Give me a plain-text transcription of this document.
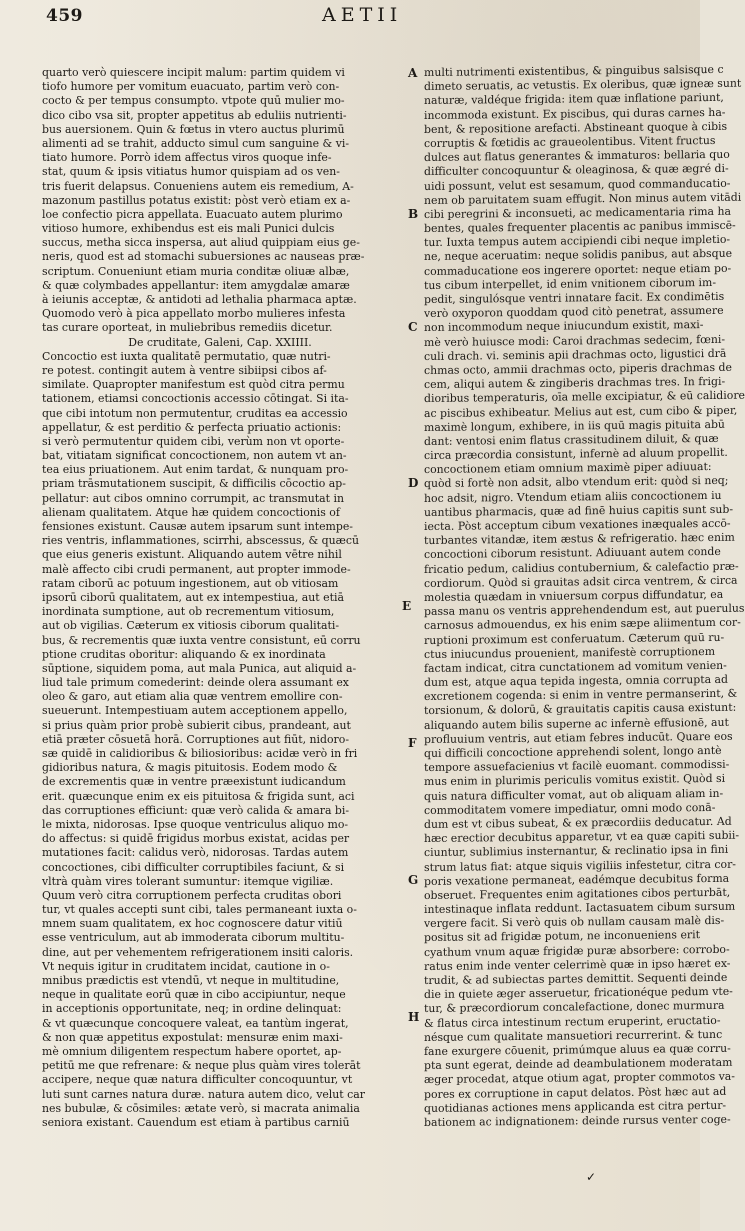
459	AETII
quarto verò quiescere incipit malum: partim quidem vi
tiofo humore per vomitum euacuato, partim verò con-
cocto & per tempus consumpto. vtpote quū mulier mo-
dico cibo vsa sit, propter appetitus ab eduliis nutrienti-
bus auersionem. Quin & fœtus in vtero auctus plurimū
alimenti ad se trahit, adducto simul cum sanguine & vi-
tiato humore. Porrò idem affectus viros quoque infe-
stat, quum & ipsis vitiatus humor quispiam ad os ven-
tris fuerit delapsus. Conueniens autem eis remedium, A-
mazonum pastillus potatus existit: pòst verò etiam ex a-
loe confectio picra appellata. Euacuato autem plurimo
vitioso humore, exhibendus est eis mali Punici dulcis
succus, metha sicca inspersa, aut aliud quippiam eius ge-
neris, quod est ad stomachi subuersiones ac nauseas præ-
scriptum. Conueniunt etiam muria conditæ oliuæ albæ,
& quæ colymbades appellantur: item amygdalæ amaræ
à ieiunis acceptæ, & antidoti ad lethalia pharmaca aptæ.
Quomodo verò à pica appellato morbo mulieres infesta
tas curare oporteat, in muliebribus remediis dicetur.
De cruditate, Galeni, Cap. XXIIII.
Concoctio est iuxta qualitatē permutatio, quæ nutri-
re potest. contingit autem à ventre sibiipsi cibos af-
similate. Quapropter manifestum est quòd citra permu
tationem, etiamsi concoctionis accessio cōtingat. Si ita-
que cibi intotum non permutentur, cruditas ea accessio
appellatur, & est perditio & perfecta priuatio actionis:
si verò permutentur quidem cibi, verùm non vt oporte-
bat, vitiatam significat concoctionem, non autem vt an-
tea eius priuationem. Aut enim tardat, & nunquam pro-
priam trāsmutationem suscipit, & difficilis cōcoctio ap-
pellatur: aut cibos omnino corrumpit, ac transmutat in
alienam qualitatem. Atque hæ quidem concoctionis of
fensiones existunt. Causæ autem ipsarum sunt intempe-
ries ventris, inflammationes, scirrhi, abscessus, & quæcū
que eius generis existunt. Aliquando autem vētre nihil
malè affecto cibi crudi permanent, aut propter immode-
ratam ciborū ac potuum ingestionem, aut ob vitiosam
ipsorū ciborū qualitatem, aut ex intempestiua, aut etiā
inordinata sumptione, aut ob recrementum vitiosum,
aut ob vigilias. Cæterum ex vitiosis ciborum qualitati-
bus, & recrementis quæ iuxta ventre consistunt, eū corru
ptione cruditas oboritur: aliquando & ex inordinata
sūptione, siquidem poma, aut mala Punica, aut aliquid a-
liud tale primum comederint: deinde olera assumant ex
oleo & garo, aut etiam alia quæ ventrem emollire con-
sueuerunt. Intempestiuam autem acceptionem appello,
si prius quàm prior probè subierit cibus, prandeant, aut
etiā præter cōsuetā horā. Corruptiones aut fiūt, nidoro-
sæ quidē in calidioribus & biliosioribus: acidæ verò in fri
gidioribus natura, & magis pituitosis. Eodem modo &
de excrementis quæ in ventre præexistunt iudicandum
erit. quæcunque enim ex eis pituitosa & frigida sunt, aci
das corruptiones efficiunt: quæ verò calida & amara bi-
le mixta, nidorosas. Ipse quoque ventriculus aliquo mo-
do affectus: si quidē frigidus morbus existat, acidas per
mutationes facit: calidus verò, nidorosas. Tardas autem
concoctiones, cibi difficulter corruptibiles faciunt, & si
vltrà quàm vires tolerant sumuntur: itemque vigiliæ.
Quum verò citra corruptionem perfecta cruditas obori
tur, vt quales accepti sunt cibi, tales permaneant iuxta o-
mnem suam qualitatem, ex hoc cognoscere datur vitiū
esse ventriculum, aut ab immoderata ciborum multitu-
dine, aut per vehementem refrigerationem insiti caloris.
Vt nequis igitur in cruditatem incidat, cautione in o-
mnibus prædictis est vtendū, vt neque in multitudine,
neque in qualitate eorū quæ in cibo accipiuntur, neque
in acceptionis opportunitate, neq; in ordine delinquat:
& vt quæcunque concoquere valeat, ea tantùm ingerat,
& non quæ appetitus expostulat: mensuræ enim maxi-
mè omnium diligentem respectum habere oportet, ap-
petitū me que refrenare: & neque plus quàm vires tolerāt
accipere, neque quæ natura difficulter concoquuntur, vt
luti sunt carnes natura duræ. natura autem dico, velut car
nes bubulæ, & cōsimiles: ætate verò, si macrata animalia
seniora existant. Cauendum est etiam à partibus carniū
multi nutrimenti existentibus, & pinguibus salsisque c
dimeto seruatis, ac vetustis. Ex oleribus, quæ igneæ sunt
naturæ, valdéque frigida: item quæ inflatione pariunt,
incommoda existunt. Ex piscibus, qui duras carnes ha-
bent, & repositione arefacti. Abstineant quoque à cibis
corruptis & fœtidis ac graueolentibus. Vitent fructus
dulces aut flatus generantes & immaturos: bellaria quo
difficulter concoquuntur & oleaginosa, & quæ ægré di-
uidi possunt, velut est sesamum, quod commanducatio-
nem ob paruitatem suam effugit. Non minus autem vitādi
cibi peregrini & inconsueti, ac medicamentaria rima ha
bentes, quales frequenter placentis ac panibus immiscē-
tur. Iuxta tempus autem accipiendi cibi neque impletio-
ne, neque aceruatim: neque solidis panibus, aut absque
commaducatione eos ingerere oportet: neque etiam po-
tus cibum interpellet, id enim vnitionem ciborum im-
pedit, singulósque ventri innatare facit. Ex condimētis
verò oxyporon quoddam quod citò penetrat, assumere
non incommodum neque iniucundum existit, maxi-
mè verò huiusce modi: Caroi drachmas sedecim, fœni-
culi drach. vi. seminis apii drachmas octo, ligustici drā
chmas octo, ammii drachmas octo, piperis drachmas de
cem, aliqui autem & zingiberis drachmas tres. In frigi-
dioribus temperaturis, oīa melle excipiatur, & eū calidiore
ac piscibus exhibeatur. Melius aut est, cum cibo & piper,
maximè longum, exhibere, in iis quū magis pituita abū
dant: ventosi enim flatus crassitudinem diluit, & quæ
circa præcordia consistunt, infernè ad aluum propellit.
concoctionem etiam omnium maximè piper adiuuat:
quòd si fortè non adsit, albo vtendum erit: quòd si neq;
hoc adsit, nigro. Vtendum etiam aliis concoctionem iu
uantibus pharmacis, quæ ad finē huius capitis sunt sub-
iecta. Pòst acceptum cibum vexationes inæquales accō-
turbantes vitandæ, item æstus & refrigeratio. hæc enim
concoctioni ciborum resistunt. Adiuuant autem conde
fricatio pedum, calidius contubernium, & calefactio præ-
cordiorum. Quòd si grauitas adsit circa ventrem, & circa
molestia quædam in vniuersum corpus diffundatur, ea
passa manu os ventris apprehendendum est, aut puerulus
carnosus admouendus, ex his enim sæpe aliimentum cor-
ruptioni proximum est conferuatum. Cæterum quū ru-
ctus iniucundus prouenient, manifestè corruptionem
factam indicat, citra cunctationem ad vomitum venien-
dum est, atque aqua tepida ingesta, omnia corrupta ad
excretionem cogenda: si enim in ventre permanserint, &
torsionum, & dolorū, & grauitatis capitis causa existunt:
aliquando autem bilis superne ac infernè effusionē, aut
profluuium ventris, aut etiam febres inducūt. Quare eos
qui difficili concoctione apprehendi solent, longo antè
tempore assuefacienius vt facilè euomant. commodissi-
mus enim in plurimis periculis vomitus existit. Quòd si
quis natura difficulter vomat, aut ob aliquam aliam in-
commoditatem vomere impediatur, omni modo conā-
dum est vt cibus subeat, & ex præcordiis deducatur. Ad
hæc erectior decubitus apparetur, vt ea quæ capiti subii-
ciuntur, sublimius insternantur, & reclinatio ipsa in fini
strum latus fiat: atque siquis vigiliis infestetur, citra cor-
poris vexatione permaneat, eadémque decubitus forma
obseruet. Frequentes enim agitationes cibos perturbāt,
intestinaque inflata reddunt. Iactasuatem cibum sursum
vergere facit. Si verò quis ob nullam causam malè dis-
positus sit ad frigidæ potum, ne inconueniens erit
cyathum vnum aquæ frigidæ puræ absorbere: corrobo-
ratus enim inde venter celerrimè quæ in ipso hæret ex-
trudit, & ad subiectas partes demittit. Sequenti deinde
die in quiete æger asseruetur, fricationéque pedum vte-
tur, & præcordiorum concalefactione, donec murmura
& flatus circa intestinum rectum eruperint, eructatio-
nésque cum qualitate mansuetiori recurrerint. & tunc
fane exurgere cōuenit, primúmque aluus ea quæ corru-
pta sunt egerat, deinde ad deambulationem moderatam
æger procedat, atque otium agat, propter commotos va-
pores ex corruptione in caput delatos. Pòst hæc aut ad
quotidianas actiones mens applicanda est citra pertur-
bationem ac indignationem: deinde rursus venter coge-
A
B
C
D
E
F
G
H
✓
